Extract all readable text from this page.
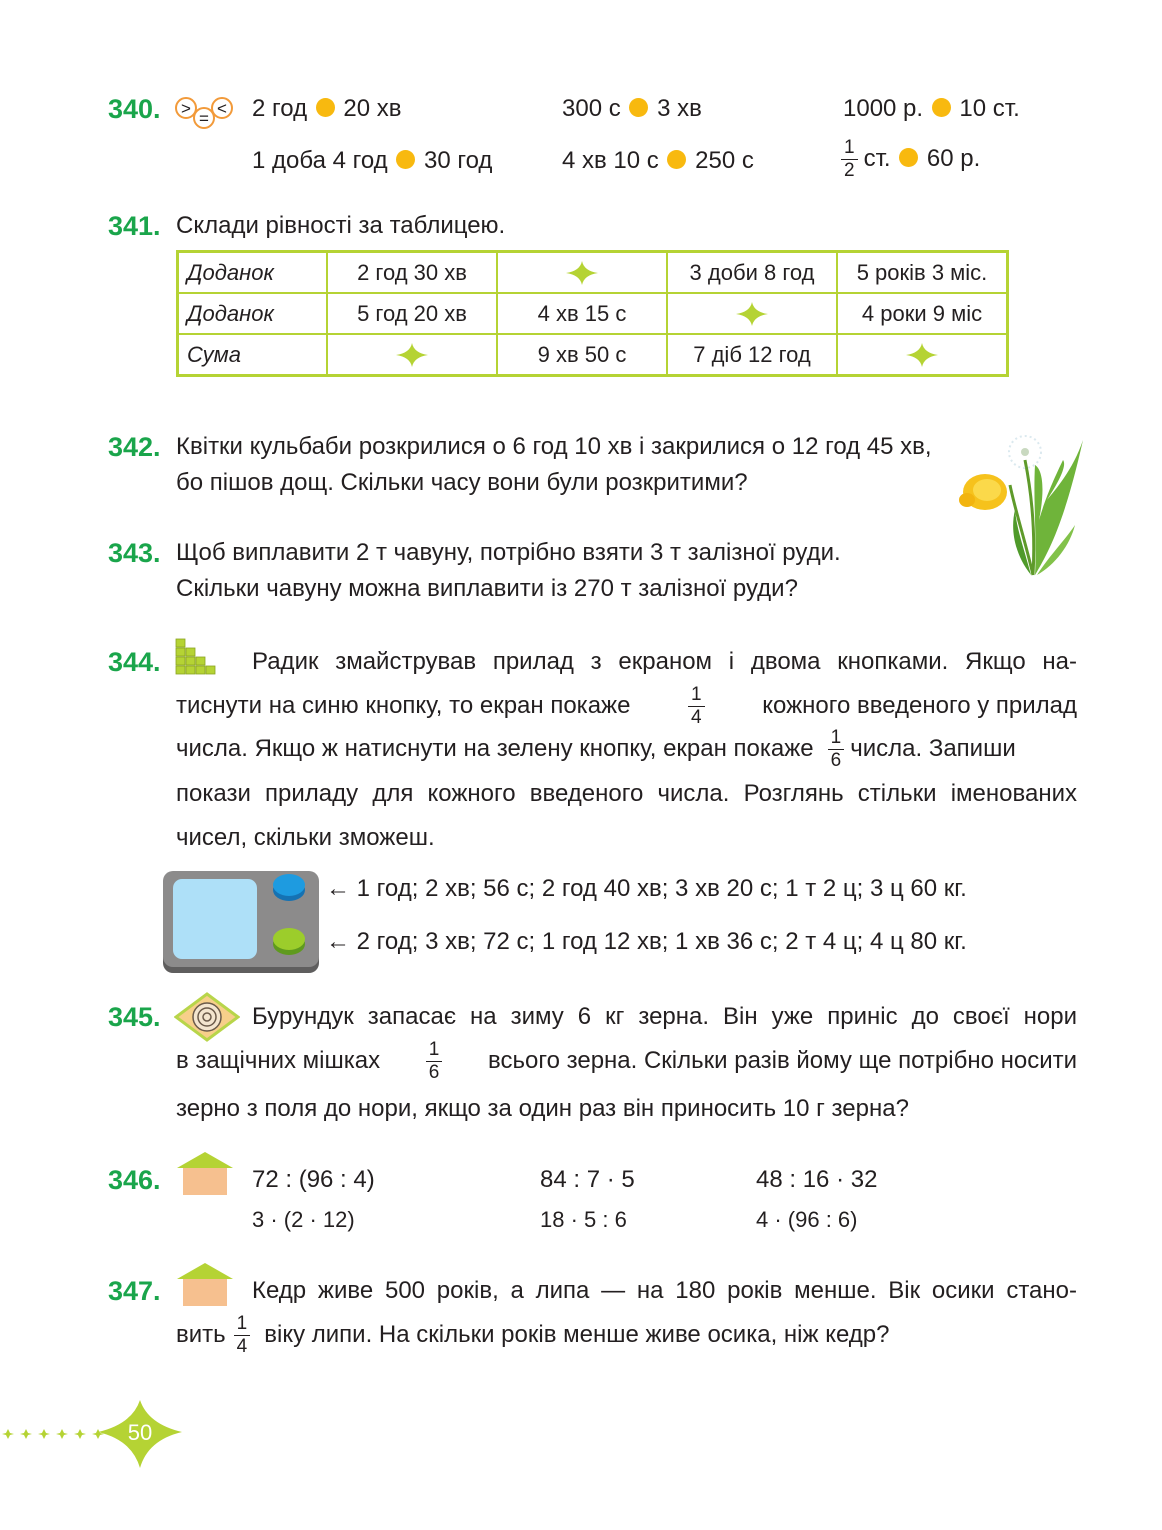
340. >
=
< 2 год 20 хв	300 с 3 хв	1000 р. 10 ст.
1 доба 4 год 30 год	4 хв 10 с 250 с	$\frac{1}{2}$ ст. 60 р.
341. Склади рівності за таблицею.
Доданок	2 год 30 хв		3 доби 8 год	5 років 3 міс.
Доданок	5 год 20 хв	4 хв 15 с		4 роки 9 міс
Сума		9 хв 50 с	7 діб 12 год	
342. Квітки кульбаби розкрилися о 6 год 10 хв і закрилися о 12 год 45 хв,
бо пішов дощ. Скільки часу вони були розкритими?
343. Щоб виплавити 2 т чавуну, потрібно взяти 3 т залізної руди.
Скільки чавуну можна виплавити із 270 т залізної руди?
344.	Радик змайстрував прилад з екраном і двома кнопками. Якщо на-
тиснути на синю кнопку, то екран покаже	$\frac{1}{4}$ кожного введеного у прилад
числа. Якщо ж натиснути на зелену кнопку, екран покаже $\frac{1}{6}$ числа. Запиши
покази приладу для кожного введеного числа. Розглянь стільки іменованих
чисел, скільки зможеш.
← 1 год; 2 хв; 56 с; 2 год 40 хв; 3 хв 20 с; 1 т 2 ц; 3 ц 60 кг.
← 2 год; 3 хв; 72 с; 1 год 12 хв; 1 хв 36 с; 2 т 4 ц; 4 ц 80 кг.
345.	Бурундук запасає на зиму 6 кг зерна. Він уже приніс до своєї нори
в защічних мішках $\frac{1}{6}$ всього зерна. Скільки разів йому ще потрібно носити
зерно з поля до нори, якщо за один раз він приносить 10 г зерна?
346.	72 : (96 : 4)	84 : 7 · 5	48 : 16 · 32
3 · (2 · 12)	18 · 5 : 6	4 · (96 : 6)
347.	Кедр живе 500 років, а липа — на 180 років менше. Вік осики стано-
вить $\frac{1}{4}$ віку липи. На скільки років менше живе осика, ніж кедр?
50
